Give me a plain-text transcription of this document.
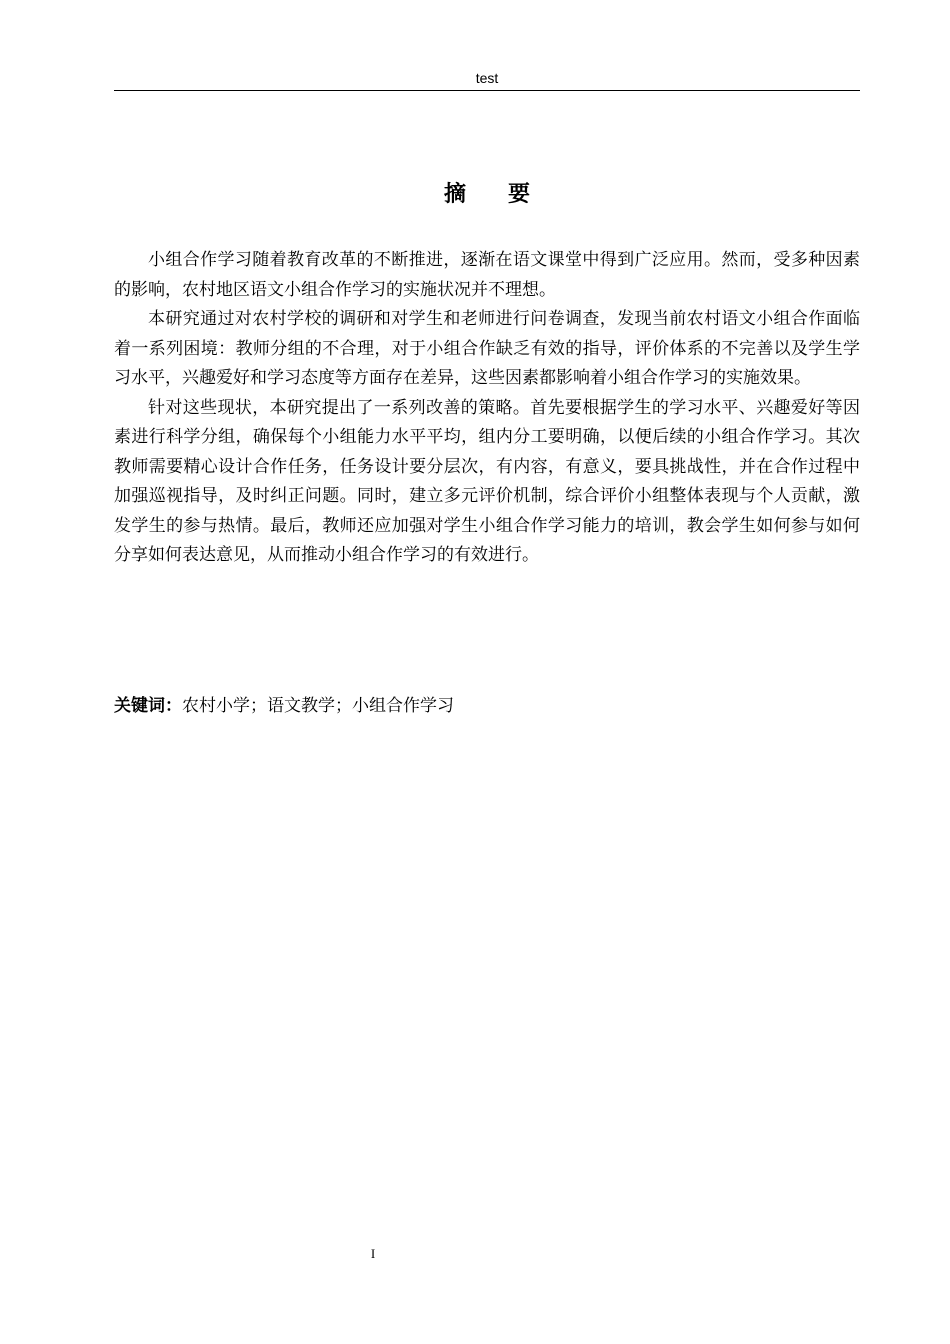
test
摘要

小组合作学习随着教育改革的不断推进，逐渐在语文课堂中得到广泛应用。然而，受多种因素的影响，农村地区语文小组合作学习的实施状况并不理想。

本研究通过对农村学校的调研和对学生和老师进行问卷调查，发现当前农村语文小组合作面临着一系列困境：教师分组的不合理，对于小组合作缺乏有效的指导，评价体系的不完善以及学生学习水平，兴趣爱好和学习态度等方面存在差异，这些因素都影响着小组合作学习的实施效果。

针对这些现状，本研究提出了一系列改善的策略。首先要根据学生的学习水平、兴趣爱好等因素进行科学分组，确保每个小组能力水平平均，组内分工要明确，以便后续的小组合作学习。其次教师需要精心设计合作任务，任务设计要分层次，有内容，有意义，要具挑战性，并在合作过程中加强巡视指导，及时纠正问题。同时，建立多元评价机制，综合评价小组整体表现与个人贡献，激发学生的参与热情。最后，教师还应加强对学生小组合作学习能力的培训，教会学生如何参与如何分享如何表达意见，从而推动小组合作学习的有效进行。

关键词：农村小学；语文教学；小组合作学习
I
